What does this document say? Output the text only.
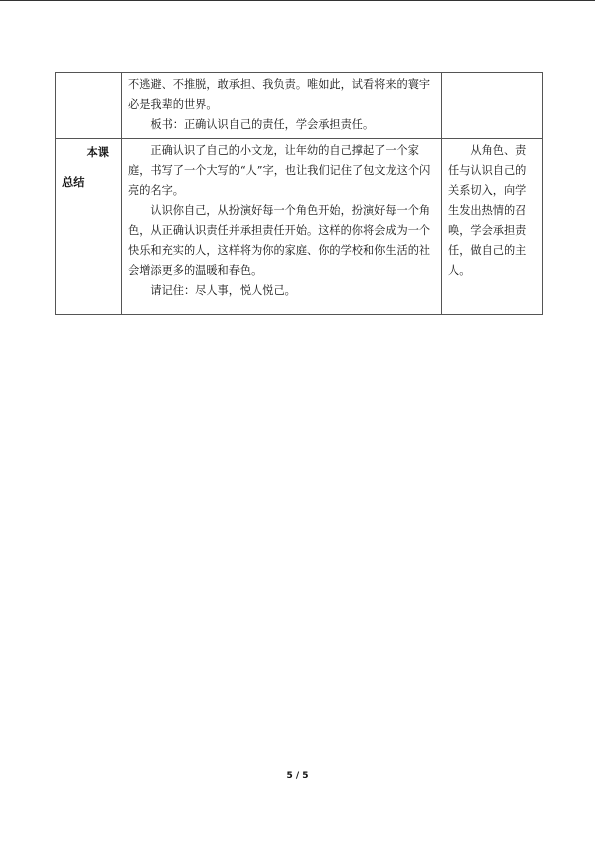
	不逃避、不推脱，敢承担、我负责。唯如此，试看将来的寰宇必是我辈的世界。
板书：正确认识自己的责任，学会承担责任。	

本课
总结	正确认识了自己的小文龙，让年幼的自己撑起了一个家庭，书写了一个大写的“人”字，也让我们记住了包文龙这个闪亮的名字。
认识你自己，从扮演好每一个角色开始，扮演好每一个角色，从正确认识责任并承担责任开始。这样的你将会成为一个快乐和充实的人，这样将为你的家庭、你的学校和你生活的社会增添更多的温暖和春色。
请记住：尽人事，悦人悦己。	从角色、责任与认识自己的关系切入，向学生发出热情的召唤，学会承担责任，做自己的主人。
5 / 5
